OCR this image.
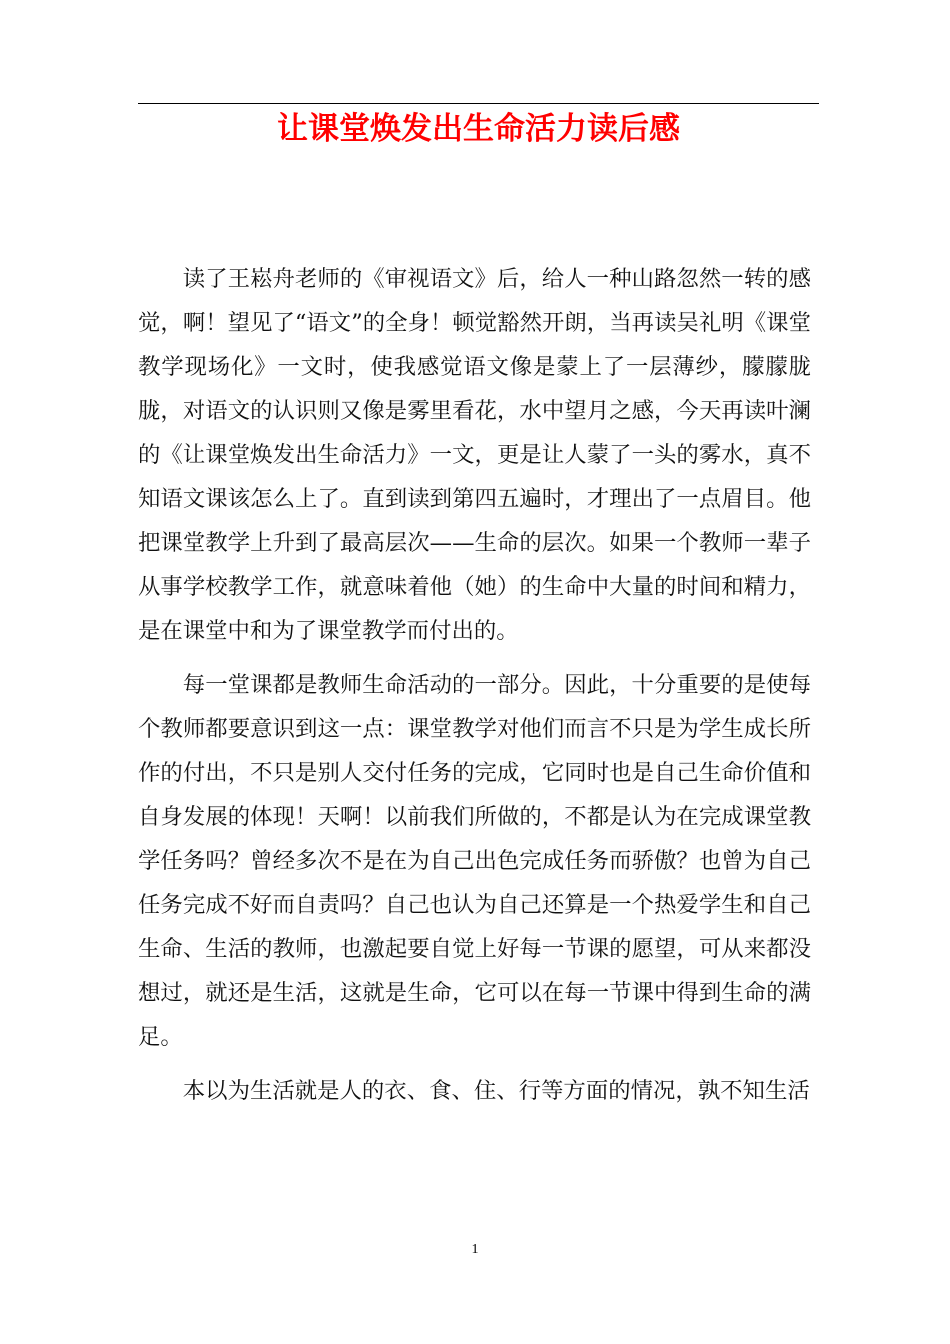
让课堂焕发出生命活力读后感

读了王崧舟老师的《审视语文》后，给人一种山路忽然一转的感觉，啊！望见了“语文”的全身！顿觉豁然开朗，当再读吴礼明《课堂教学现场化》一文时，使我感觉语文像是蒙上了一层薄纱，朦朦胧胧，对语文的认识则又像是雾里看花，水中望月之感，今天再读叶澜的《让课堂焕发出生命活力》一文，更是让人蒙了一头的雾水，真不知语文课该怎么上了。直到读到第四五遍时，才理出了一点眉目。他把课堂教学上升到了最高层次——生命的层次。如果一个教师一辈子从事学校教学工作，就意味着他（她）的生命中大量的时间和精力，是在课堂中和为了课堂教学而付出的。

每一堂课都是教师生命活动的一部分。因此，十分重要的是使每个教师都要意识到这一点：课堂教学对他们而言不只是为学生成长所作的付出，不只是别人交付任务的完成，它同时也是自己生命价值和自身发展的体现！天啊！以前我们所做的，不都是认为在完成课堂教学任务吗？曾经多次不是在为自己出色完成任务而骄傲？也曾为自己任务完成不好而自责吗？自己也认为自己还算是一个热爱学生和自己生命、生活的教师，也激起要自觉上好每一节课的愿望，可从来都没想过，就还是生活，这就是生命，它可以在每一节课中得到生命的满足。

本以为生活就是人的衣、食、住、行等方面的情况，孰不知生活

1
